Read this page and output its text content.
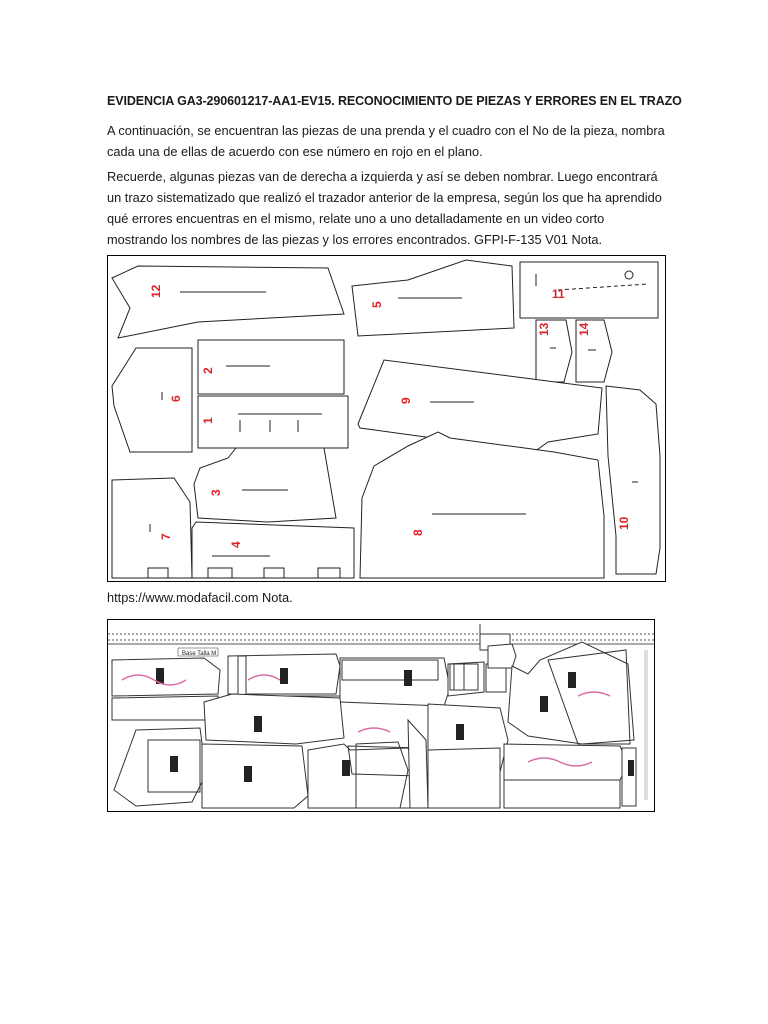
EVIDENCIA GA3-290601217-AA1-EV15. RECONOCIMIENTO DE PIEZAS Y ERRORES EN EL TRAZO

A continuación, se encuentran las piezas de una prenda y el cuadro con el No de la pieza, nombra cada una de ellas de acuerdo con ese número en rojo en el plano.

Recuerde, algunas piezas van de derecha a izquierda y así se deben nombrar. Luego encontrará un trazo sistematizado que realizó el trazador anterior de la empresa, según los que ha aprendido qué errores encuentras en el mismo, relate uno a uno detalladamente en un video corto mostrando los nombres de las piezas y los errores encontrados. GFPI-F-135 V01 Nota.

12
5
11
13 14
2
6
1
9
10
3
8
7
4
https://www.modafacil.com Nota.
Base Talla M
